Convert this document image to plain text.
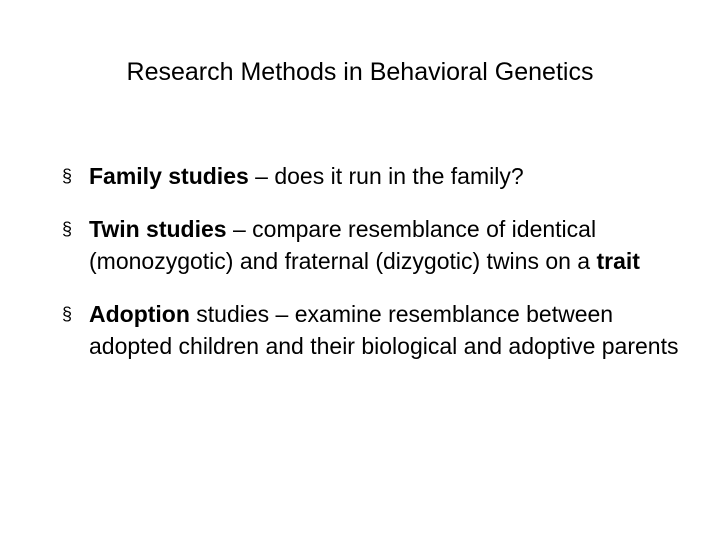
Research Methods in Behavioral Genetics
§ Family studies – does it run in the family?
§ Twin studies – compare resemblance of identical (monozygotic) and fraternal (dizygotic) twins on a trait
§ Adoption studies – examine resemblance between adopted children and their biological and adoptive parents
